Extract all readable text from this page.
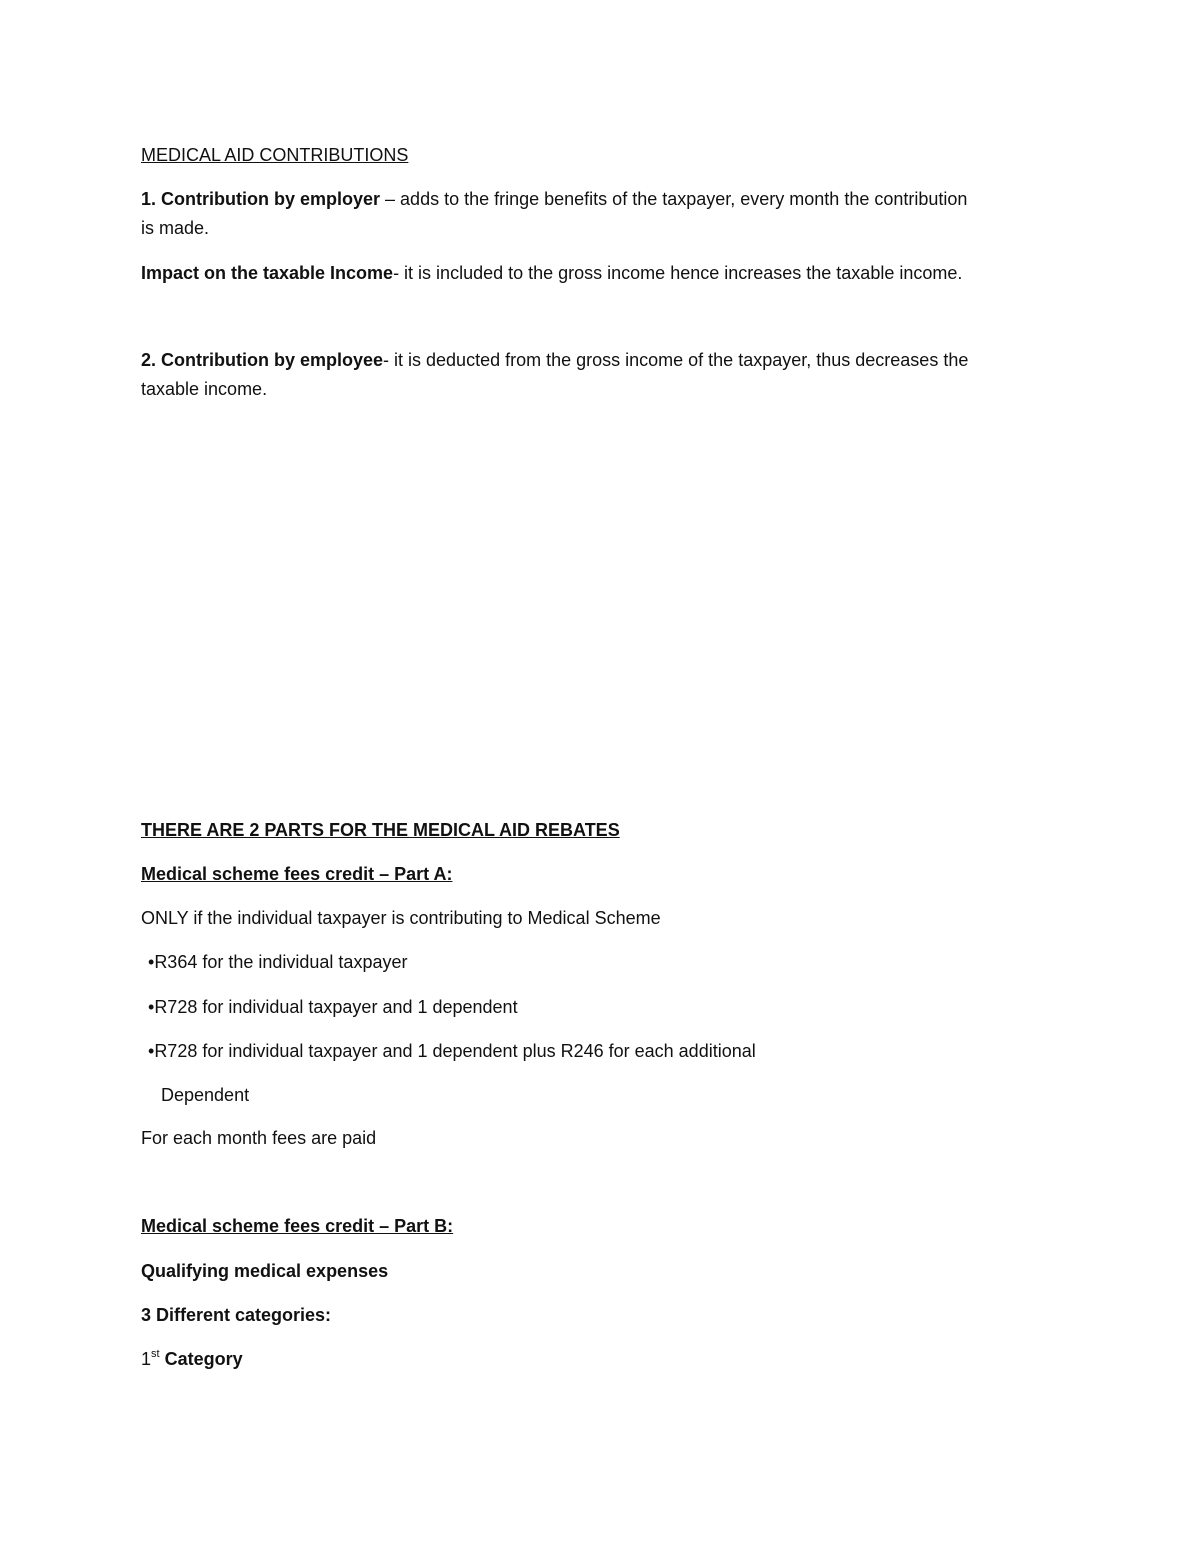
MEDICAL AID CONTRIBUTIONS
1. Contribution by employer – adds to the fringe benefits of the taxpayer, every month the contribution
is made.
Impact on the taxable Income- it is included to the gross income hence increases the taxable income.
2. Contribution by employee- it is deducted from the gross income of the taxpayer, thus decreases the
taxable income.
THERE ARE 2 PARTS FOR THE MEDICAL AID REBATES
Medical scheme fees credit – Part A:
ONLY if the individual taxpayer is contributing to Medical Scheme
•R364 for the individual taxpayer
•R728 for individual taxpayer and 1 dependent
•R728 for individual taxpayer and 1 dependent plus R246 for each additional
Dependent
For each month fees are paid
Medical scheme fees credit – Part B:
Qualifying medical expenses
3 Different categories:
1st Category
